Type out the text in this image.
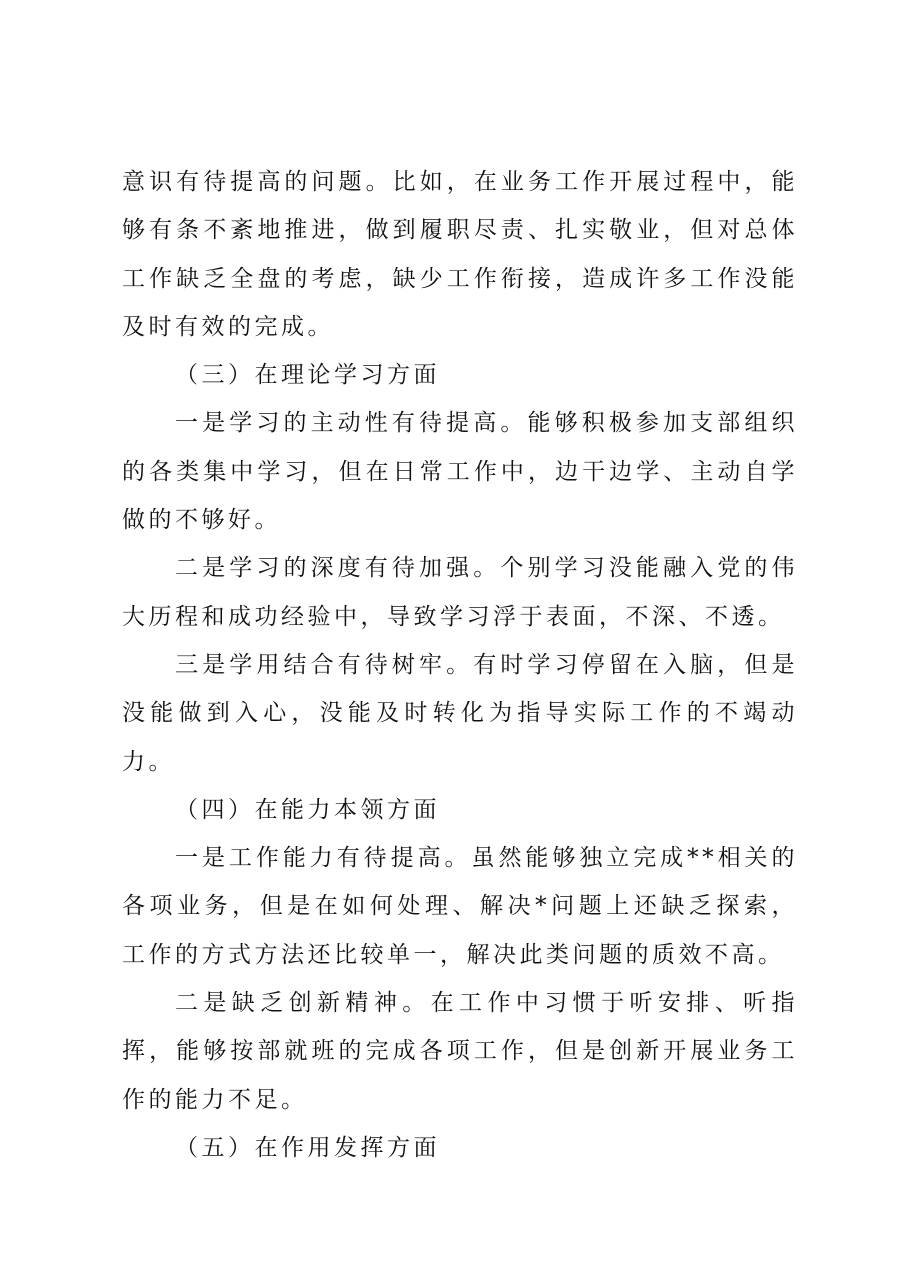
意识有待提高的问题。比如，在业务工作开展过程中，能够有条不紊地推进，做到履职尽责、扎实敬业，但对总体工作缺乏全盘的考虑，缺少工作衔接，造成许多工作没能及时有效的完成。

（三）在理论学习方面

一是学习的主动性有待提高。能够积极参加支部组织的各类集中学习，但在日常工作中，边干边学、主动自学做的不够好。

二是学习的深度有待加强。个别学习没能融入党的伟大历程和成功经验中，导致学习浮于表面，不深、不透。

三是学用结合有待树牢。有时学习停留在入脑，但是没能做到入心，没能及时转化为指导实际工作的不竭动力。

（四）在能力本领方面

一是工作能力有待提高。虽然能够独立完成**相关的各项业务，但是在如何处理、解决*问题上还缺乏探索，工作的方式方法还比较单一，解决此类问题的质效不高。

二是缺乏创新精神。在工作中习惯于听安排、听指挥，能够按部就班的完成各项工作，但是创新开展业务工作的能力不足。

（五）在作用发挥方面
